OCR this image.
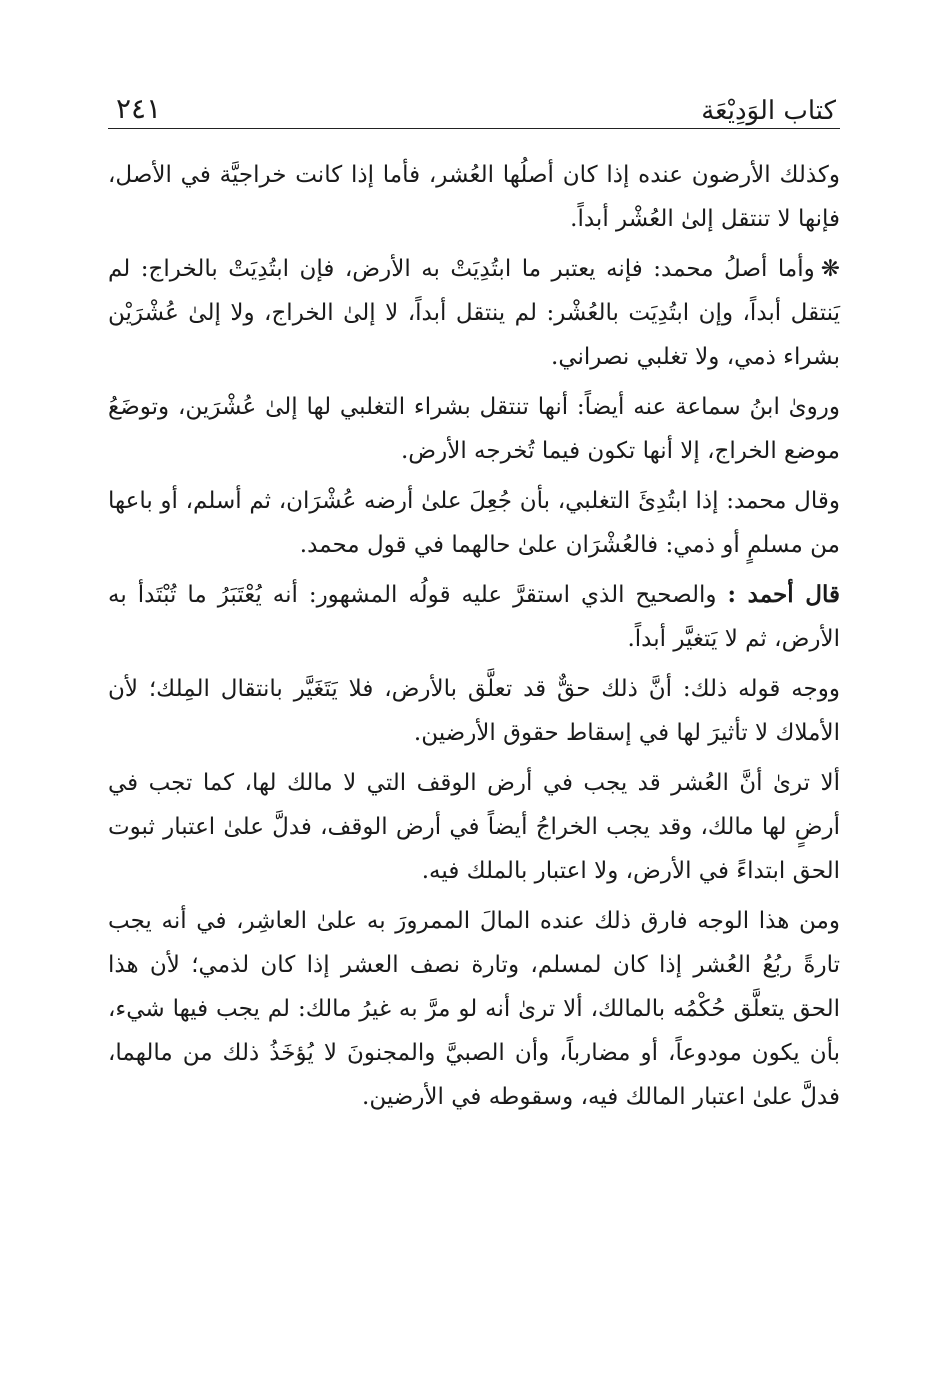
كتاب الوَدِيْعَة
٢٤١

وكذلك الأرضون عنده إذا كان أصلُها العُشر، فأما إذا كانت خراجيَّة في الأصل، فإنها لا تنتقل إلىٰ العُشْر أبداً.

❋وأما أصلُ محمد: فإنه يعتبر ما ابتُدِيَتْ به الأرض، فإن ابتُدِيَتْ بالخراج: لم يَنتقل أبداً، وإن ابتُدِيَت بالعُشْر: لم ينتقل أبداً، لا إلىٰ الخراج، ولا إلىٰ عُشْرَيْن بشراء ذمي، ولا تغلبي نصراني.

ورویٰ ابنُ سماعة عنه أيضاً: أنها تنتقل بشراء التغلبي لها إلىٰ عُشْرَين، وتوضَعُ موضع الخراج، إلا أنها تكون فيما تُخرجه الأرض.

وقال محمد: إذا ابتُدِئَ التغلبي، بأن جُعِلَ علىٰ أرضه عُشْرَان، ثم أسلم، أو باعها من مسلمٍ أو ذمي: فالعُشْرَان علىٰ حالهما في قول محمد.

قال أحمد : والصحيح الذي استقرَّ عليه قولُه المشهور: أنه يُعْتَبَرُ ما تُبْتَدأ به الأرض، ثم لا يَتغيَّر أبداً.

ووجه قوله ذلك: أنَّ ذلك حقٌّ قد تعلَّق بالأرض، فلا يَتَغَيَّر بانتقال المِلك؛ لأن الأملاك لا تأثيرَ لها في إسقاط حقوق الأرضين.

ألا ترىٰ أنَّ العُشر قد يجب في أرض الوقف التي لا مالك لها، كما تجب في أرضٍ لها مالك، وقد يجب الخراجُ أيضاً في أرض الوقف، فدلَّ علىٰ اعتبار ثبوت الحق ابتداءً في الأرض، ولا اعتبار بالملك فيه.

ومن هذا الوجه فارق ذلك عنده المالَ الممرورَ به علىٰ العاشِر، في أنه يجب تارةً ربُعُ العُشر إذا كان لمسلم، وتارة نصف العشر إذا كان لذمي؛ لأن هذا الحق يتعلَّق حُكْمُه بالمالك، ألا ترىٰ أنه لو مرَّ به غيرُ مالك: لم يجب فيها شيء، بأن يكون مودوعاً، أو مضارباً، وأن الصبيَّ والمجنونَ لا يُؤخَذُ ذلك من مالهما، فدلَّ علىٰ اعتبار المالك فيه، وسقوطه في الأرضين.
